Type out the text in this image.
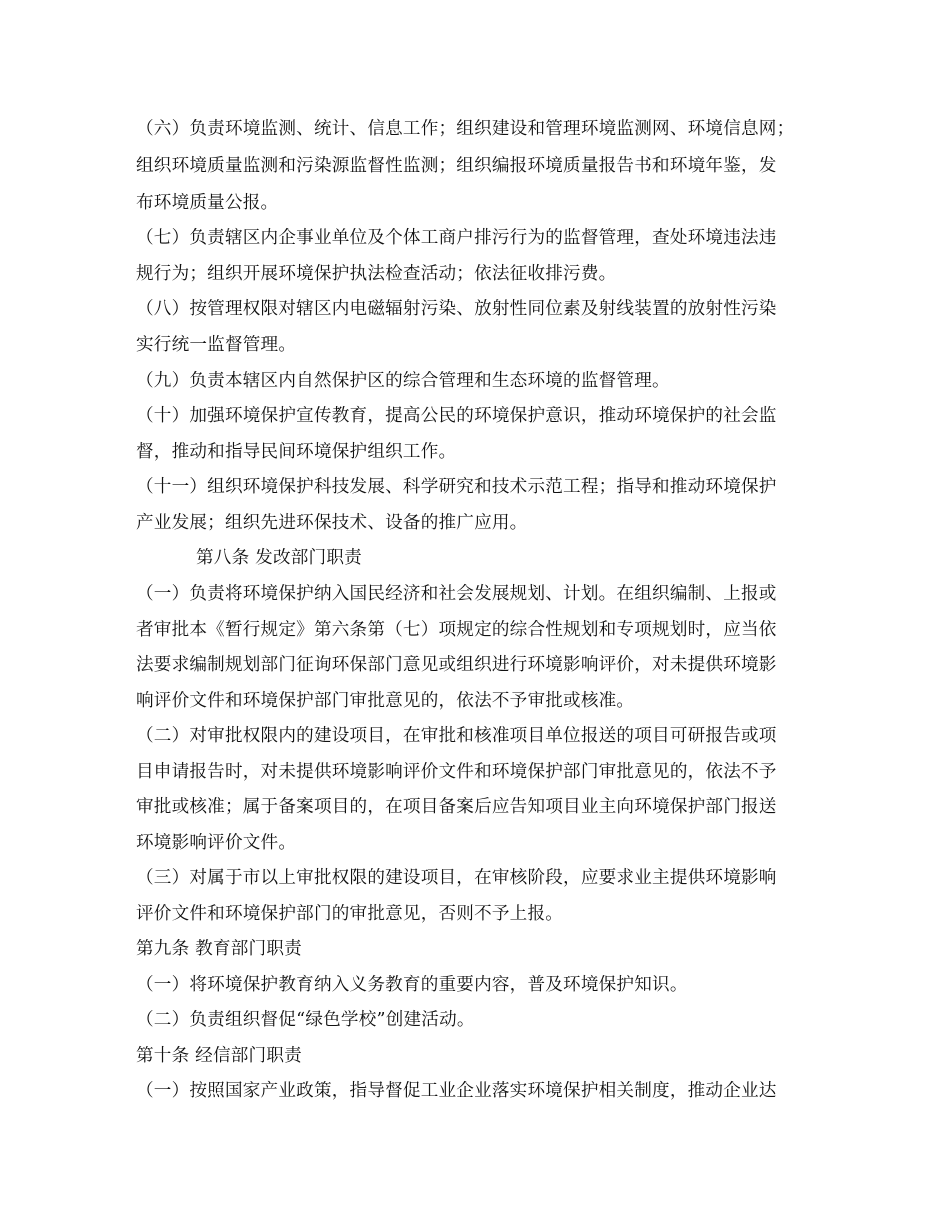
（六）负责环境监测、统计、信息工作；组织建设和管理环境监测网、环境信息网；
组织环境质量监测和污染源监督性监测；组织编报环境质量报告书和环境年鉴，发
布环境质量公报。
（七）负责辖区内企事业单位及个体工商户排污行为的监督管理，查处环境违法违
规行为；组织开展环境保护执法检查活动；依法征收排污费。
（八）按管理权限对辖区内电磁辐射污染、放射性同位素及射线装置的放射性污染
实行统一监督管理。
（九）负责本辖区内自然保护区的综合管理和生态环境的监督管理。
（十）加强环境保护宣传教育，提高公民的环境保护意识，推动环境保护的社会监
督，推动和指导民间环境保护组织工作。
（十一）组织环境保护科技发展、科学研究和技术示范工程；指导和推动环境保护
产业发展；组织先进环保技术、设备的推广应用。
第八条 发改部门职责
（一）负责将环境保护纳入国民经济和社会发展规划、计划。在组织编制、上报或
者审批本《暂行规定》第六条第（七）项规定的综合性规划和专项规划时，应当依
法要求编制规划部门征询环保部门意见或组织进行环境影响评价，对未提供环境影
响评价文件和环境保护部门审批意见的，依法不予审批或核准。
（二）对审批权限内的建设项目，在审批和核准项目单位报送的项目可研报告或项
目申请报告时，对未提供环境影响评价文件和环境保护部门审批意见的，依法不予
审批或核准；属于备案项目的，在项目备案后应告知项目业主向环境保护部门报送
环境影响评价文件。
（三）对属于市以上审批权限的建设项目，在审核阶段，应要求业主提供环境影响
评价文件和环境保护部门的审批意见，否则不予上报。
第九条 教育部门职责
（一）将环境保护教育纳入义务教育的重要内容，普及环境保护知识。
（二）负责组织督促“绿色学校”创建活动。
第十条 经信部门职责
（一）按照国家产业政策，指导督促工业企业落实环境保护相关制度，推动企业达
